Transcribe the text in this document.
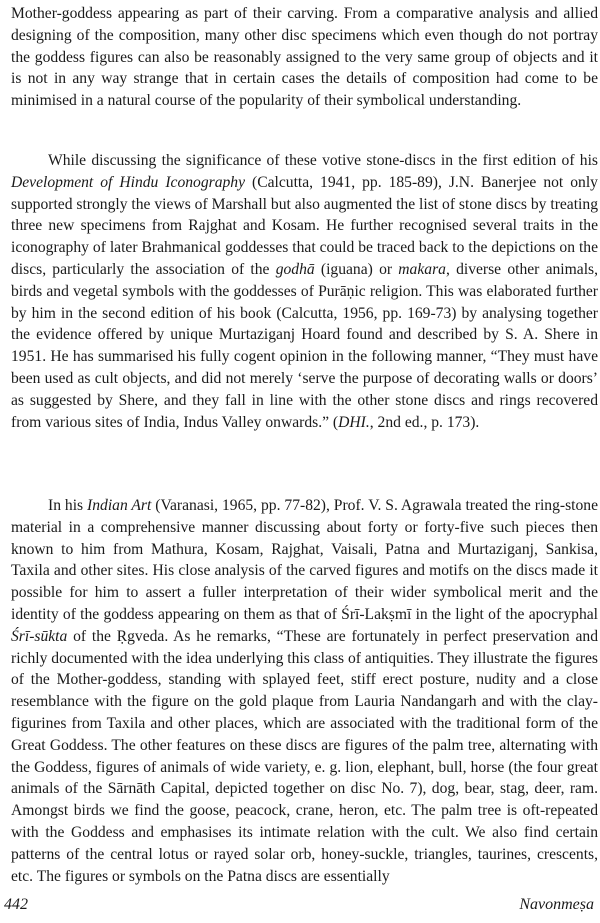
Mother-goddess appearing as part of their carving. From a comparative analysis and allied designing of the composition, many other disc specimens which even though do not portray the goddess figures can also be reasonably assigned to the very same group of objects and it is not in any way strange that in certain cases the details of composition had come to be minimised in a natural course of the popularity of their symbolical understanding.

While discussing the significance of these votive stone-discs in the first edition of his Development of Hindu Iconography (Calcutta, 1941, pp. 185-89), J.N. Banerjee not only supported strongly the views of Marshall but also augmented the list of stone discs by treating three new specimens from Rajghat and Kosam. He further recognised several traits in the iconography of later Brahmanical goddesses that could be traced back to the depictions on the discs, particularly the association of the godhā (iguana) or makara, diverse other animals, birds and vegetal symbols with the goddesses of Purāṇic religion. This was elaborated further by him in the second edition of his book (Calcutta, 1956, pp. 169-73) by analysing together the evidence offered by unique Murtaziganj Hoard found and described by S. A. Shere in 1951. He has summarised his fully cogent opinion in the following manner, “They must have been used as cult objects, and did not merely ‘serve the purpose of decorating walls or doors’ as suggested by Shere, and they fall in line with the other stone discs and rings recovered from various sites of India, Indus Valley onwards.” (DHI., 2nd ed., p. 173).

In his Indian Art (Varanasi, 1965, pp. 77-82), Prof. V. S. Agrawala treated the ring-stone material in a comprehensive manner discussing about forty or forty-five such pieces then known to him from Mathura, Kosam, Rajghat, Vaisali, Patna and Murtaziganj, Sankisa, Taxila and other sites. His close analysis of the carved figures and motifs on the discs made it possible for him to assert a fuller interpretation of their wider symbolical merit and the identity of the goddess appearing on them as that of Śrī-Lakṣmī in the light of the apocryphal Śrī-sūkta of the Ṛgveda. As he remarks, “These are fortunately in perfect preservation and richly documented with the idea underlying this class of antiquities. They illustrate the figures of the Mother-goddess, standing with splayed feet, stiff erect posture, nudity and a close resemblance with the figure on the gold plaque from Lauria Nandangarh and with the clay-figurines from Taxila and other places, which are associated with the traditional form of the Great Goddess. The other features on these discs are figures of the palm tree, alternating with the Goddess, figures of animals of wide variety, e. g. lion, elephant, bull, horse (the four great animals of the Sārnāth Capital, depicted together on disc No. 7), dog, bear, stag, deer, ram. Amongst birds we find the goose, peacock, crane, heron, etc. The palm tree is oft-repeated with the Goddess and emphasises its intimate relation with the cult. We also find certain patterns of the central lotus or rayed solar orb, honey-suckle, triangles, taurines, crescents, etc. The figures or symbols on the Patna discs are essentially

442	Navonmeṣa
